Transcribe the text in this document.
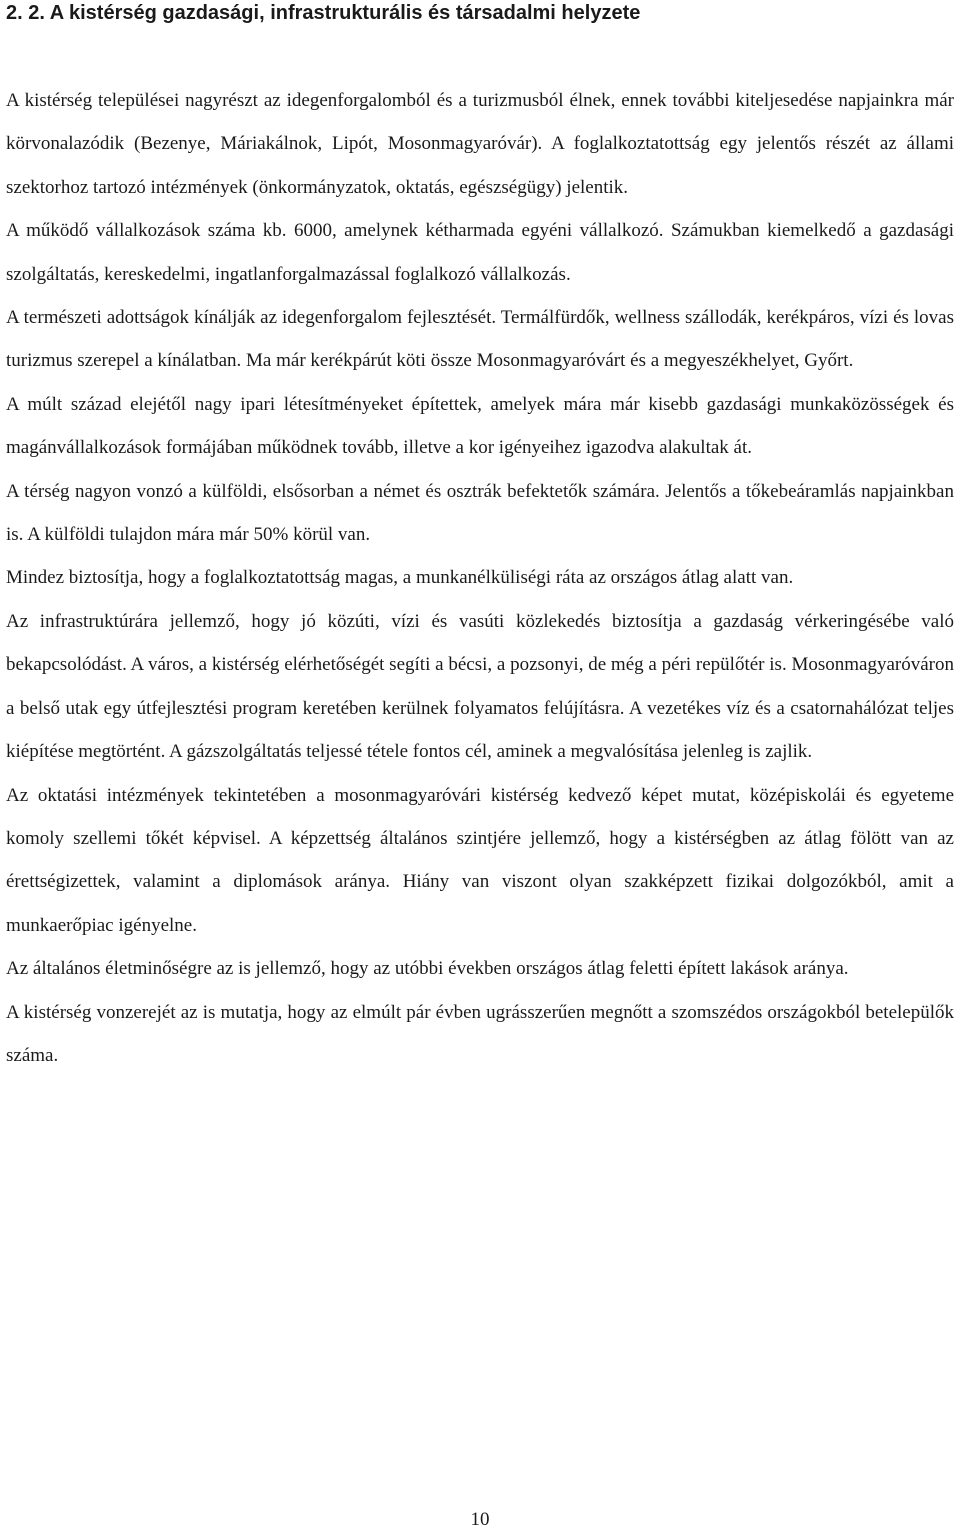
2. 2. A kistérség gazdasági, infrastrukturális és társadalmi helyzete

A kistérség települései nagyrészt az idegenforgalomból és a turizmusból élnek, ennek további kiteljesedése napjainkra már körvonalazódik (Bezenye, Máriakálnok, Lipót, Mosonmagyaróvár). A foglalkoztatottság egy jelentős részét az állami szektorhoz tartozó intézmények (önkormányzatok, oktatás, egészségügy) jelentik.

A működő vállalkozások száma kb. 6000, amelynek kétharmada egyéni vállalkozó. Számukban kiemelkedő a gazdasági szolgáltatás, kereskedelmi, ingatlanforgalmazással foglalkozó vállalkozás.

A természeti adottságok kínálják az idegenforgalom fejlesztését. Termálfürdők, wellness szállodák, kerékpáros, vízi és lovas turizmus szerepel a kínálatban. Ma már kerékpárút köti össze Mosonmagyaróvárt és a megyeszékhelyet, Győrt.

A múlt század elejétől nagy ipari létesítményeket építettek, amelyek mára már kisebb gazdasági munkaközösségek és magánvállalkozások formájában működnek tovább, illetve a kor igényeihez igazodva alakultak át.

A térség nagyon vonzó a külföldi, elsősorban a német és osztrák befektetők számára. Jelentős a tőkebeáramlás napjainkban is. A külföldi tulajdon mára már 50% körül van.

Mindez biztosítja, hogy a foglalkoztatottság magas, a munkanélküliségi ráta az országos átlag alatt van.

Az infrastruktúrára jellemző, hogy jó közúti, vízi és vasúti közlekedés biztosítja a gazdaság vérkeringésébe való bekapcsolódást. A város, a kistérség elérhetőségét segíti a bécsi, a pozsonyi, de még a péri repülőtér is. Mosonmagyaróváron a belső utak egy útfejlesztési program keretében kerülnek folyamatos felújításra. A vezetékes víz és a csatornahálózat teljes kiépítése megtörtént. A gázszolgáltatás teljessé tétele fontos cél, aminek a megvalósítása jelenleg is zajlik.

Az oktatási intézmények tekintetében a mosonmagyaróvári kistérség kedvező képet mutat, középiskolái és egyeteme komoly szellemi tőkét képvisel. A képzettség általános szintjére jellemző, hogy a kistérségben az átlag fölött van az érettségizettek, valamint a diplomások aránya. Hiány van viszont olyan szakképzett fizikai dolgozókból, amit a munkaerőpiac igényelne.

Az általános életminőségre az is jellemző, hogy az utóbbi években országos átlag feletti épített lakások aránya.

A kistérség vonzerejét az is mutatja, hogy az elmúlt pár évben ugrásszerűen megnőtt a szomszédos országokból betelepülők száma.

10
